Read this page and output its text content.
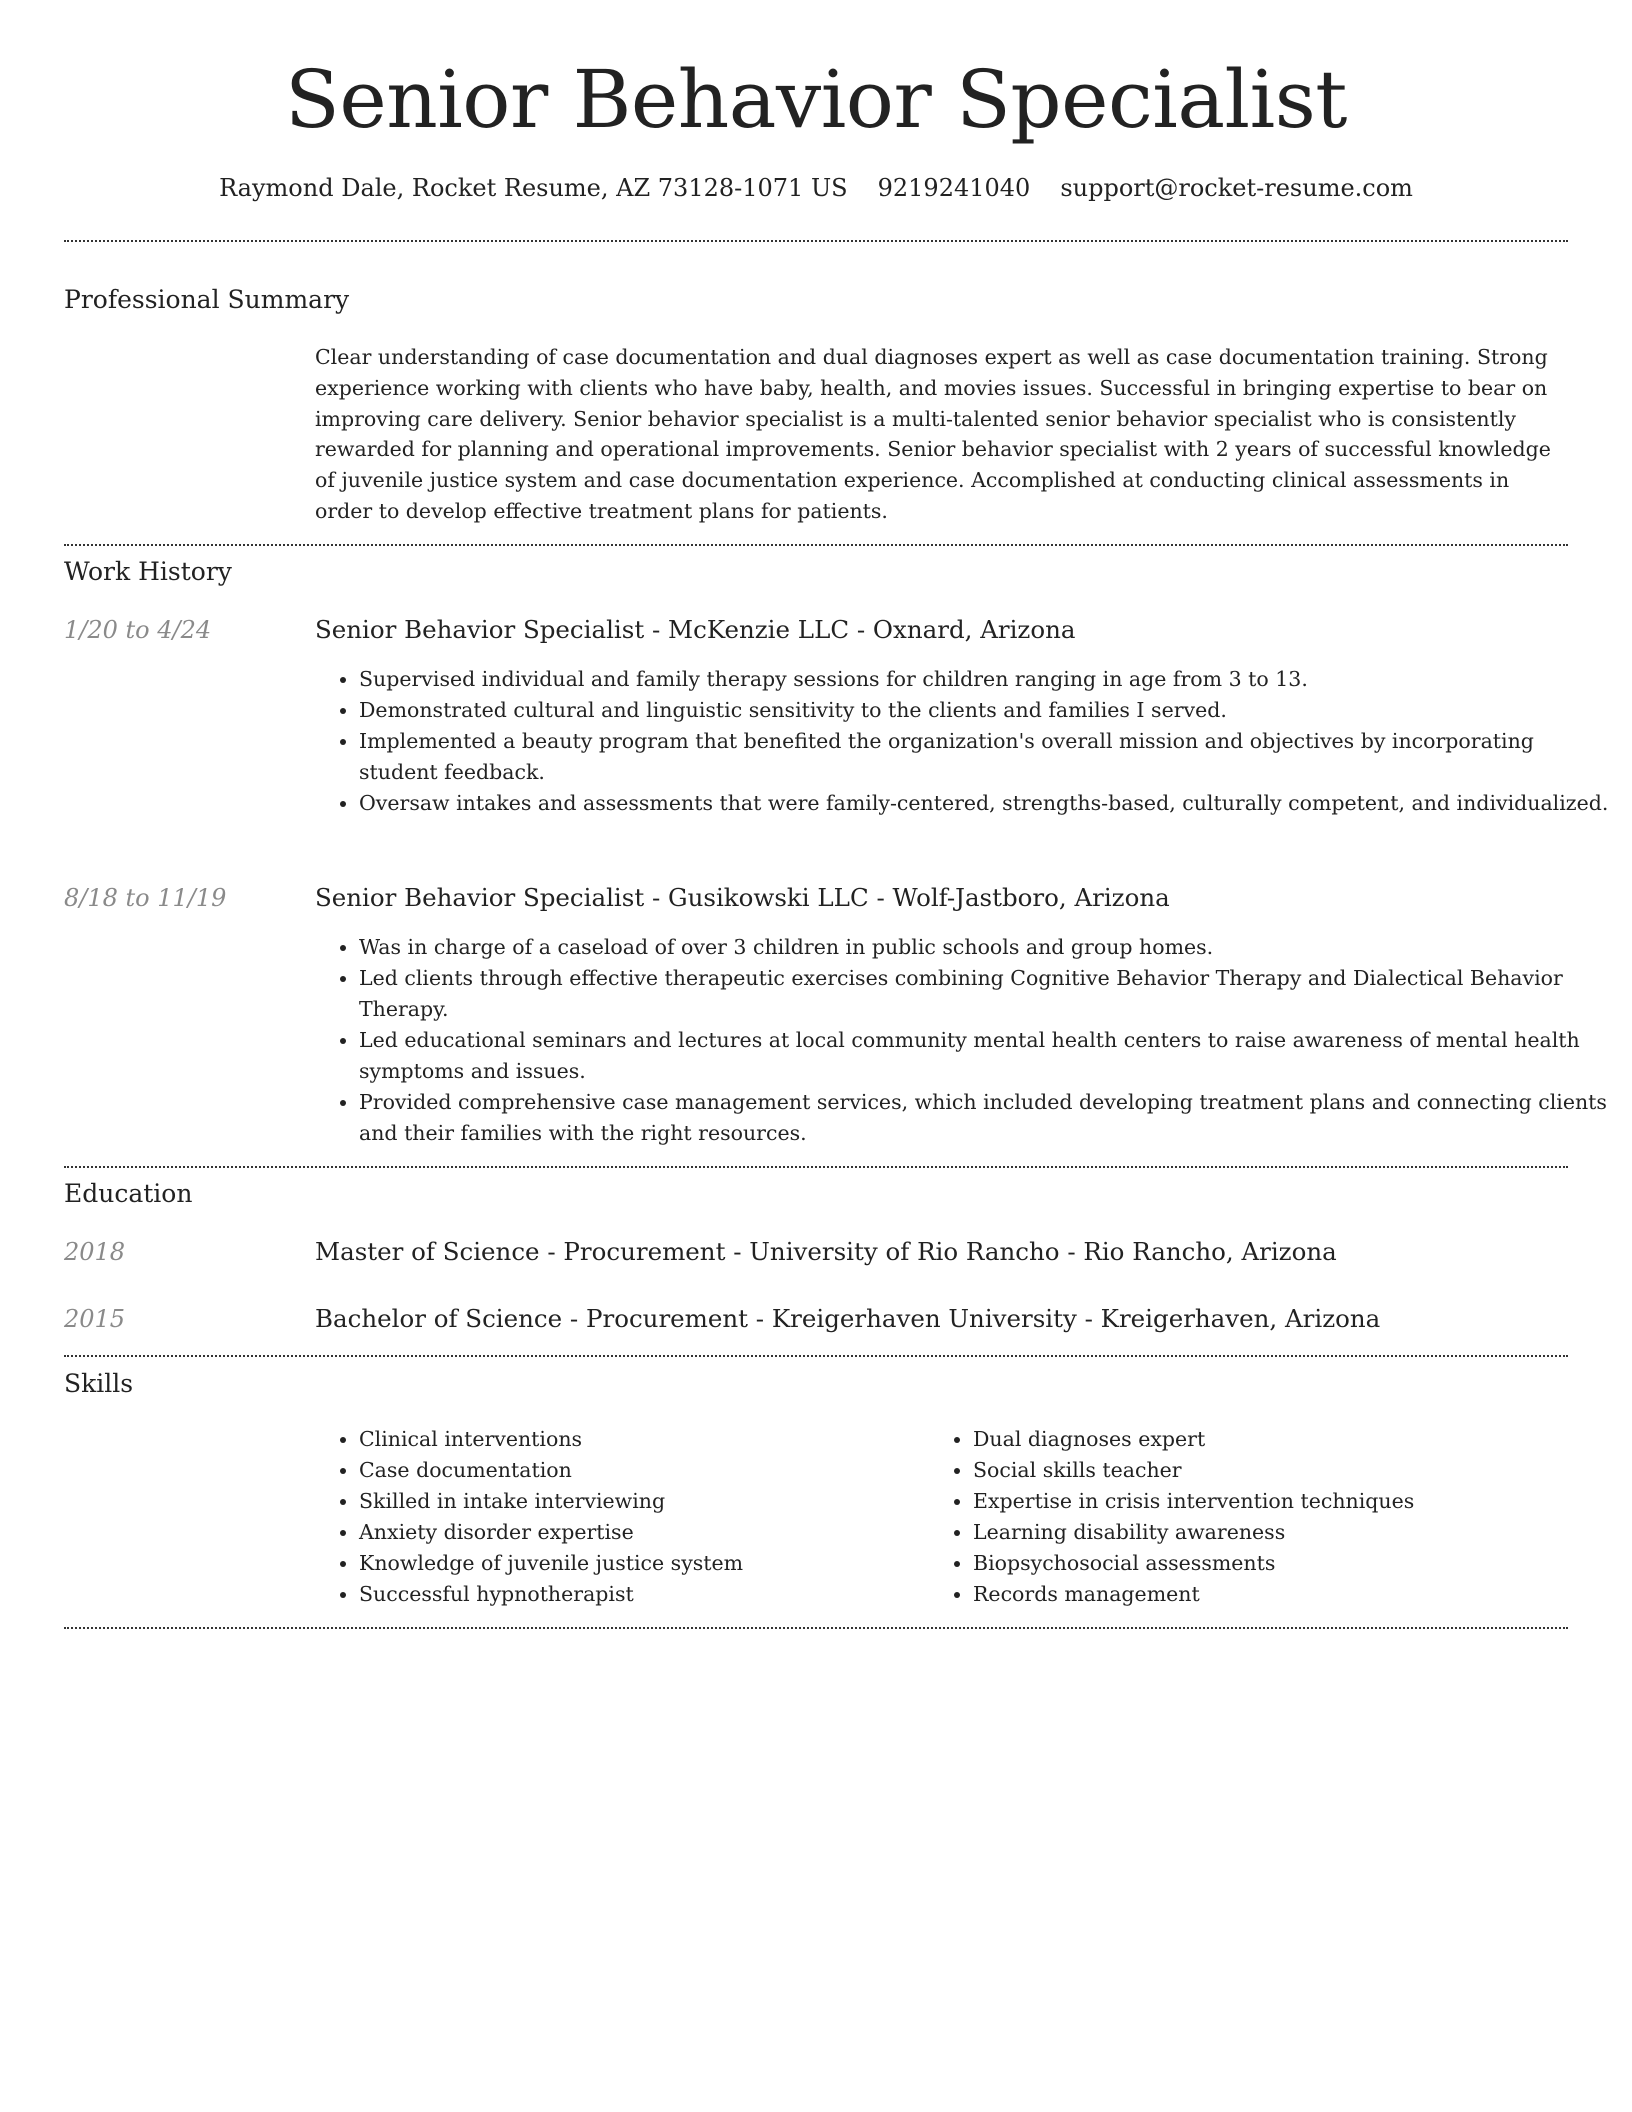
Senior Behavior Specialist
Raymond Dale, Rocket Resume, AZ 73128-1071 US 9219241040 support@rocket-resume.com
Professional Summary

Clear understanding of case documentation and dual diagnoses expert as well as case documentation training. Strong experience working with clients who have baby, health, and movies issues. Successful in bringing expertise to bear on improving care delivery. Senior behavior specialist is a multi-talented senior behavior specialist who is consistently rewarded for planning and operational improvements. Senior behavior specialist with 2 years of successful knowledge of juvenile justice system and case documentation experience. Accomplished at conducting clinical assessments in order to develop effective treatment plans for patients.

Work History
1/20 to 4/24	Senior Behavior Specialist - McKenzie LLC - Oxnard, Arizona
• Supervised individual and family therapy sessions for children ranging in age from 3 to 13.
• Demonstrated cultural and linguistic sensitivity to the clients and families I served.
• Implemented a beauty program that benefited the organization's overall mission and objectives by incorporating student feedback.
• Oversaw intakes and assessments that were family-centered, strengths-based, culturally competent, and individualized.
8/18 to 11/19	Senior Behavior Specialist - Gusikowski LLC - Wolf-Jastboro, Arizona
• Was in charge of a caseload of over 3 children in public schools and group homes.
• Led clients through effective therapeutic exercises combining Cognitive Behavior Therapy and Dialectical Behavior Therapy.
• Led educational seminars and lectures at local community mental health centers to raise awareness of mental health symptoms and issues.
• Provided comprehensive case management services, which included developing treatment plans and connecting clients and their families with the right resources.
Education
2018	Master of Science - Procurement - University of Rio Rancho - Rio Rancho, Arizona
2015	Bachelor of Science - Procurement - Kreigerhaven University - Kreigerhaven, Arizona
Skills
• Clinical interventions
• Case documentation
• Skilled in intake interviewing
• Anxiety disorder expertise
• Knowledge of juvenile justice system
• Successful hypnotherapist
• Dual diagnoses expert
• Social skills teacher
• Expertise in crisis intervention techniques
• Learning disability awareness
• Biopsychosocial assessments
• Records management
